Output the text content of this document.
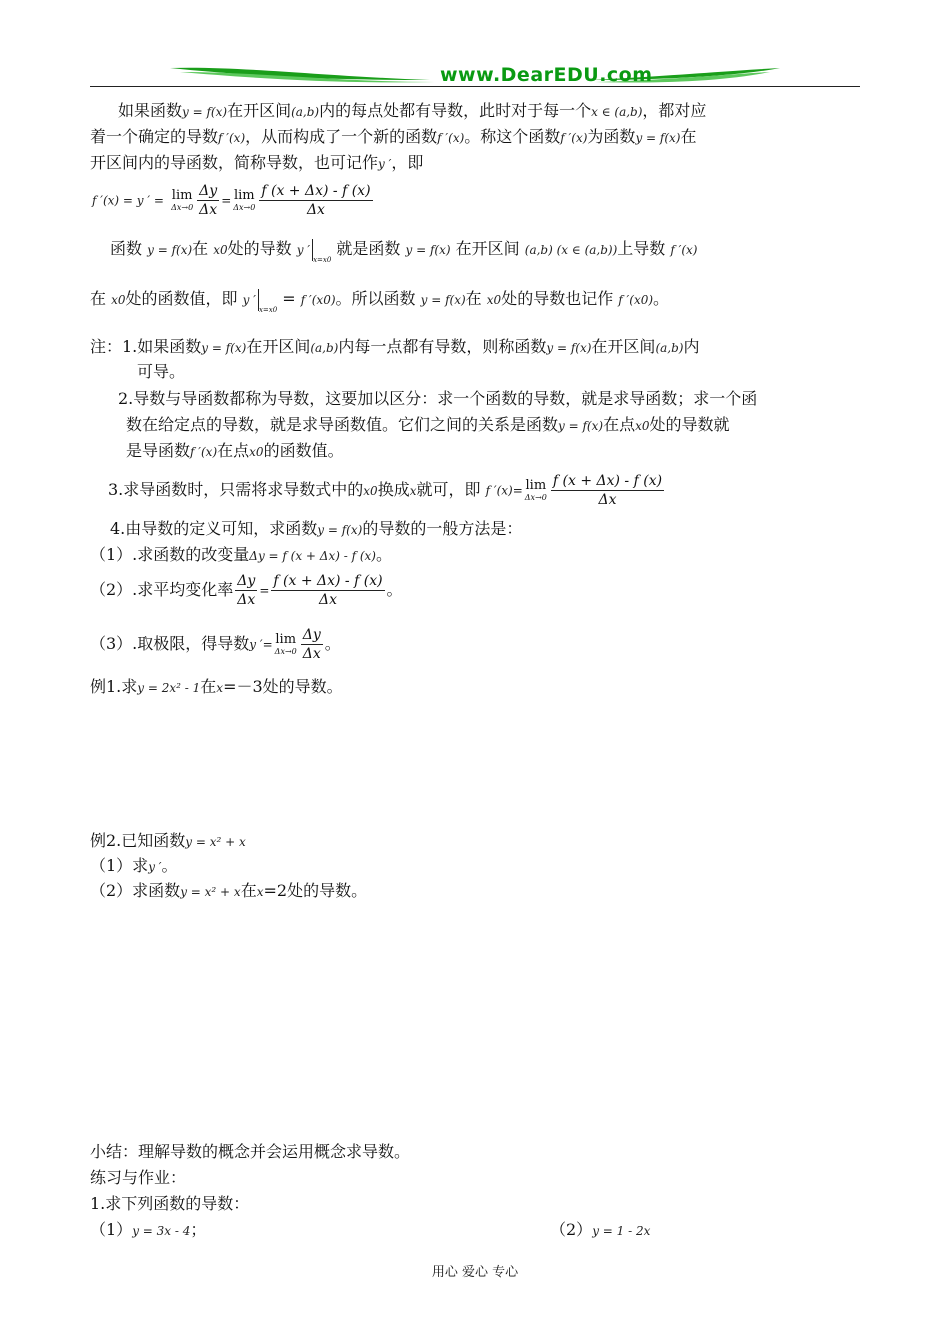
www.DearEDU.com
如果函数y = f(x)在开区间(a,b)内的每点处都有导数，此时对于每一个x ∈ (a,b)，都对应
着一个确定的导数f ′(x)，从而构成了一个新的函数f ′(x)。称这个函数f ′(x)为函数y = f(x)在
开区间内的导函数，简称导数，也可记作y ′，即
f ′(x) = y ′ = lim
$\Delta x\to 0 \frac{\Delta y}{\Delta x} = \lim$
$\Delta x\to 0 \frac{f (x + \Delta x) - f (x)}{\Delta x}$
函数 y = f(x)在 x0处的导数 y ′x=x0 就是函数 y = f(x) 在开区间 (a,b) (x ∈ (a,b))上导数 f ′(x)
在 x0处的函数值，即 y ′x=x0 = f ′(x0)。所以函数 y = f(x)在 x0处的导数也记作 f ′(x0)。
注：1.如果函数y = f(x)在开区间(a,b)内每一点都有导数，则称函数y = f(x)在开区间(a,b)内
可导。
2.导数与导函数都称为导数，这要加以区分：求一个函数的导数，就是求导函数；求一个函
数在给定点的导数，就是求导函数值。它们之间的关系是函数y = f(x)在点x0处的导数就
是导函数f ′(x)在点x0的函数值。
3.求导函数时，只需将求导数式中的x0换成x就可，即 f ′(x)= lim
$\Delta x\to 0 \frac{f (x + \Delta x) - f (x)}{\Delta x}$
4.由导数的定义可知，求函数y = f(x)的导数的一般方法是：
（1）.求函数的改变量Δy = f (x + Δx) - f (x)。
（2）.求平均变化率 $\frac{\Delta y}{\Delta x} = \frac{f (x + \Delta x) - f (x)}{\Delta x}$ 。
（3）.取极限，得导数y ′= lim
$\Delta x\to 0 \frac{\Delta y}{\Delta x}$ 。
例1.求y = 2x² - 1在x=－3处的导数。
例2.已知函数y = x² + x
（1）求y ′。
（2）求函数y = x² + x在x=2处的导数。
小结：理解导数的概念并会运用概念求导数。
练习与作业：
1.求下列函数的导数：
（1）y = 3x - 4；	（2）y = 1 - 2x
用心 爱心 专心
